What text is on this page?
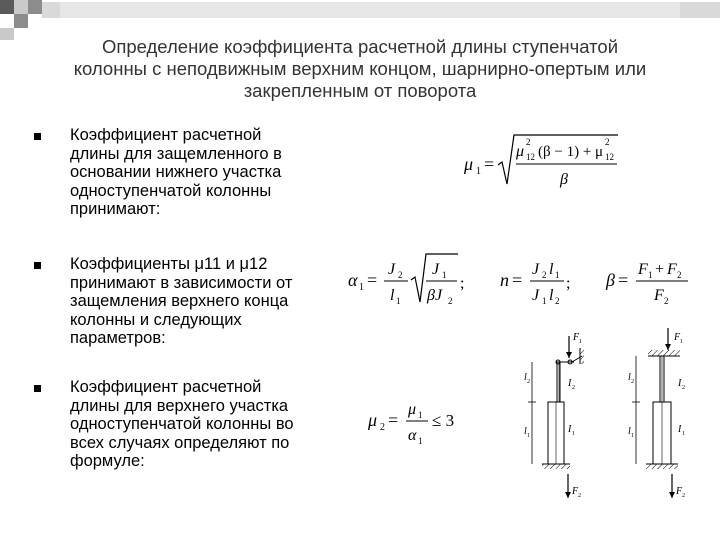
Определение коэффициента расчетной длины ступенчатой
колонны с неподвижным верхним концом, шарнирно-опертым или
закрепленным от поворота
Коэффициент расчетной
длины для защемленного в
основании нижнего участка
одноступенчатой колонны
принимают:
Коэффициенты μ11 и μ12
принимают в зависимости от
защемления верхнего конца
колонны и следующих
параметров:
Коэффициент расчетной
длины для верхнего участка
одноступенчатой колонны во
всех случаях определяют по
формуле:
μ 1 =
μ
2
12 (β − 1) + μ
2
12
β
α 1 =
J 2
l 1
J 1
βJ 2
; n =
J 2 l 1
J 1 l 2
; β =
F 1 + F 2
F 2
μ 2 =
μ 1
α 1
≤ 3
F 1
F 2
l 2
l 1
I 2
I 1
F 1
F 2
l 2
l 1
I 2
I 1
